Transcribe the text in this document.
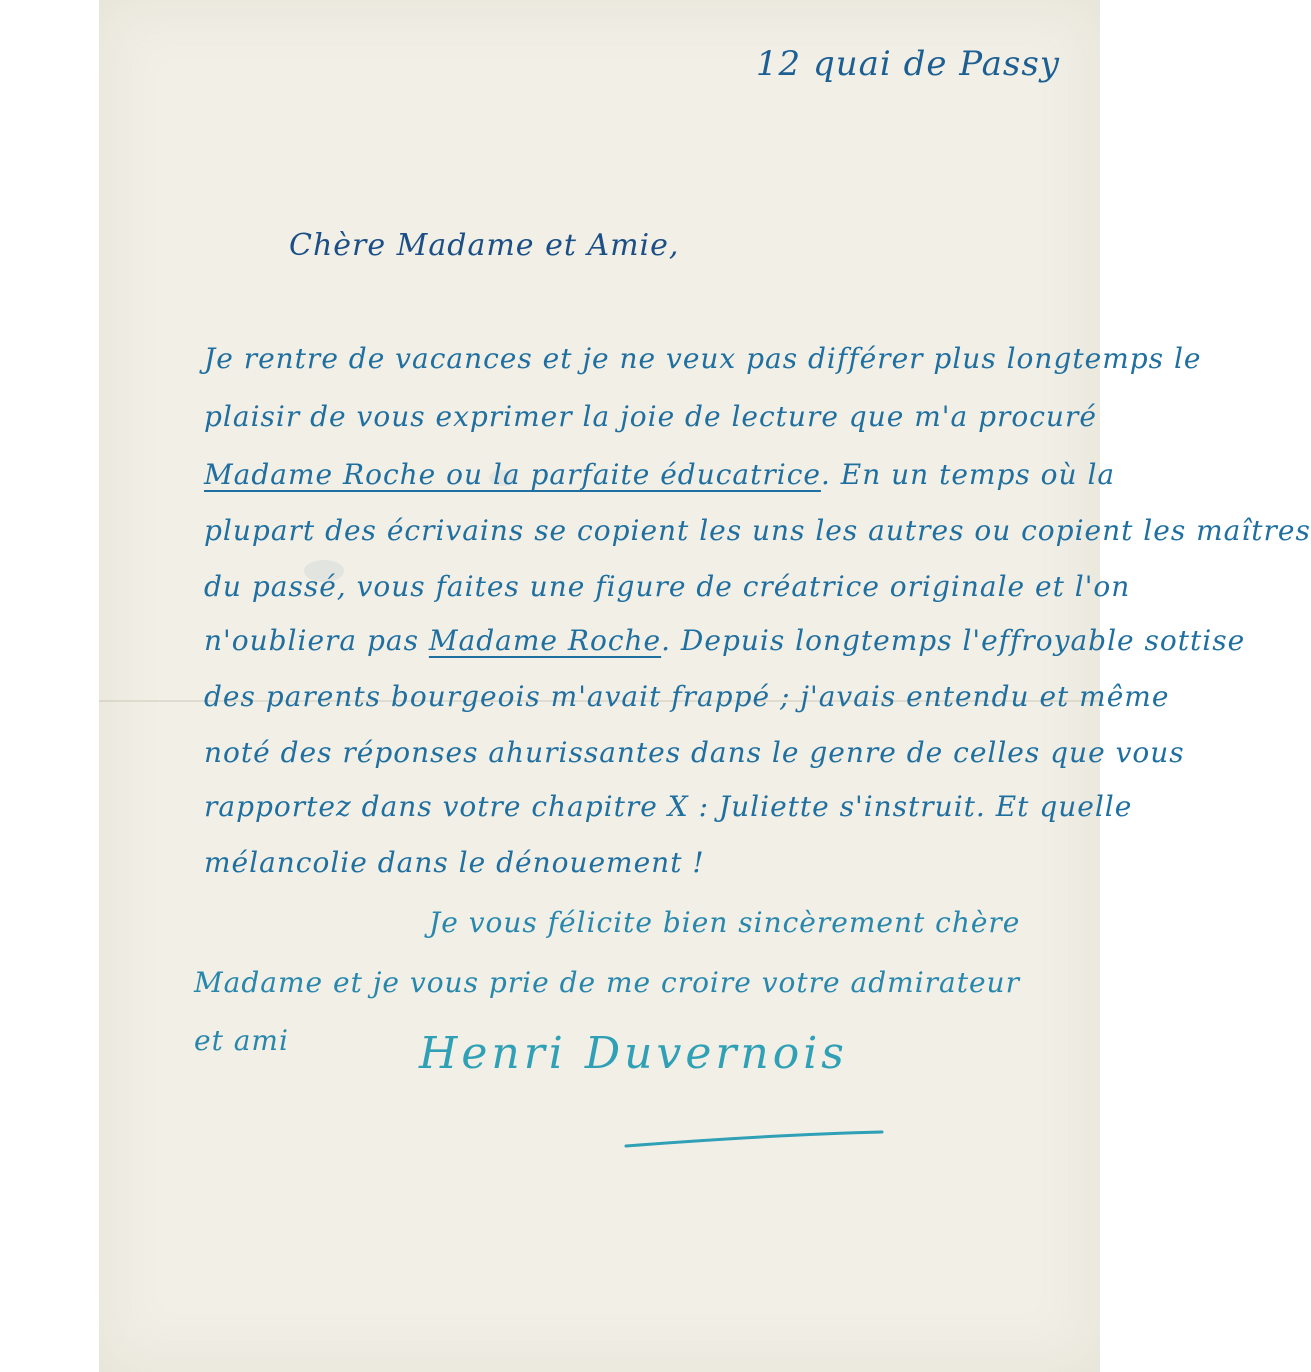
12 quai de Passy
Chère Madame et Amie,
Je rentre de vacances et je ne veux pas différer plus longtemps le
plaisir de vous exprimer la joie de lecture que m'a procuré
Madame Roche ou la parfaite éducatrice. En un temps où la
plupart des écrivains se copient les uns les autres ou copient les maîtres
du passé, vous faites une figure de créatrice originale et l'on
n'oubliera pas Madame Roche. Depuis longtemps l'effroyable sottise
des parents bourgeois m'avait frappé ; j'avais entendu et même
noté des réponses ahurissantes dans le genre de celles que vous
rapportez dans votre chapitre X : Juliette s'instruit. Et quelle
mélancolie dans le dénouement !
Je vous félicite bien sincèrement chère
Madame et je vous prie de me croire votre admirateur
et ami	Henri Duvernois
